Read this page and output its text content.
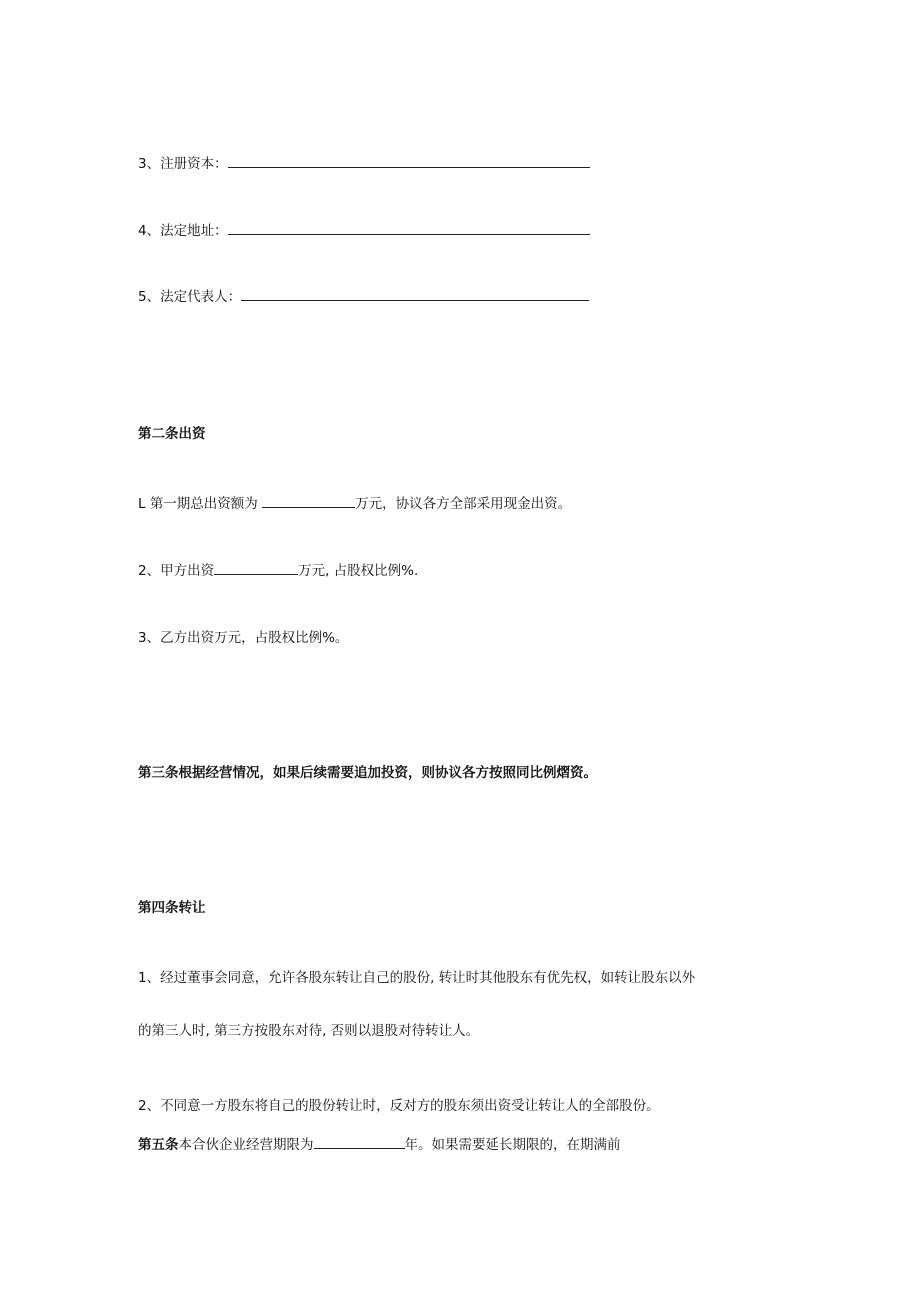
3、注册资本：
4、法定地址：
5、法定代表人：
第二条出资
L 第一期总出资额为	万元，协议各方全部采用现金出资。
2、甲方出资	万元, 占股权比例%.
3、乙方出资万元，占股权比例%。
第三条根据经营情况，如果后续需要追加投资，则协议各方按照同比例熠资。
第四条转让
1、经过董事会同意，允许各股东转让自己的股份, 转让时其他股东有优先权，如转让股东以外
的第三人时, 第三方按股东对待, 否则以退股对待转让人。
2、不同意一方股东将自己的股份转让时，反对方的股东须出资受让转让人的全部股份。
第五条本合伙企业经营期限为	年。如果需要延长期限的，在期满前
